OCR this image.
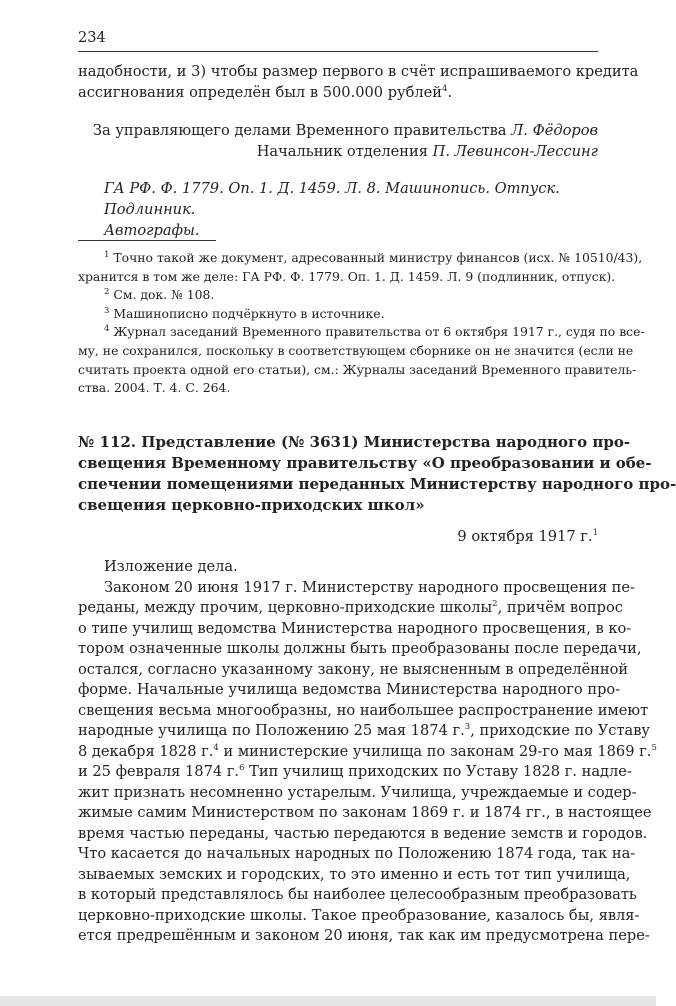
234
надобности, и 3) чтобы размер первого в счёт испрашиваемого кредита
ассигнования определён был в 500.000 рублей$^4$.
За управляющего делами Временного правительства Л. Фёдоров
Начальник отделения П. Левинсон-Лессинг
ГА РФ. Ф. 1779. Оп. 1. Д. 1459. Л. 8. Машинопись. Отпуск. Подлинник.
Автографы.
$^1$ Точно такой же документ, адресованный министру финансов (исх. № 10510/43),
хранится в том же деле: ГА РФ. Ф. 1779. Оп. 1. Д. 1459. Л. 9 (подлинник, отпуск).
$^2$ См. док. № 108.
$^3$ Машинописно подчёркнуто в источнике.
$^4$ Журнал заседаний Временного правительства от 6 октября 1917 г., судя по все-
му, не сохранился, поскольку в соответствующем сборнике он не значится (если не
считать проекта одной его статьи), см.: Журналы заседаний Временного правитель-
ства. 2004. Т. 4. С. 264.
№ 112. Представление (№ 3631) Министерства народного про-
свещения Временному правительству «О преобразовании и обе-
спечении помещениями переданных Министерству народного про-
свещения церковно-приходских школ»
9 октября 1917 г.$^1$
Изложение дела.
Законом 20 июня 1917 г. Министерству народного просвещения пе-
реданы, между прочим, церковно-приходские школы$^2$, причём вопрос
о типе училищ ведомства Министерства народного просвещения, в ко-
тором означенные школы должны быть преобразованы после передачи,
остался, согласно указанному закону, не выясненным в определённой
форме. Начальные училища ведомства Министерства народного про-
свещения весьма многообразны, но наибольшее распространение имеют
народные училища по Положению 25 мая 1874 г.$^3$, приходские по Уставу
8 декабря 1828 г.$^4$ и министерские училища по законам 29-го мая 1869 г.$^5$
и 25 февраля 1874 г.$^6$ Тип училищ приходских по Уставу 1828 г. надле-
жит признать несомненно устарелым. Училища, учреждаемые и содер-
жимые самим Министерством по законам 1869 г. и 1874 гг., в настоящее
время частью переданы, частью передаются в ведение земств и городов.
Что касается до начальных народных по Положению 1874 года, так на-
зываемых земских и городских, то это именно и есть тот тип училища,
в который представлялось бы наиболее целесообразным преобразовать
церковно-приходские школы. Такое преобразование, казалось бы, явля-
ется предрешённым и законом 20 июня, так как им предусмотрена пере-
